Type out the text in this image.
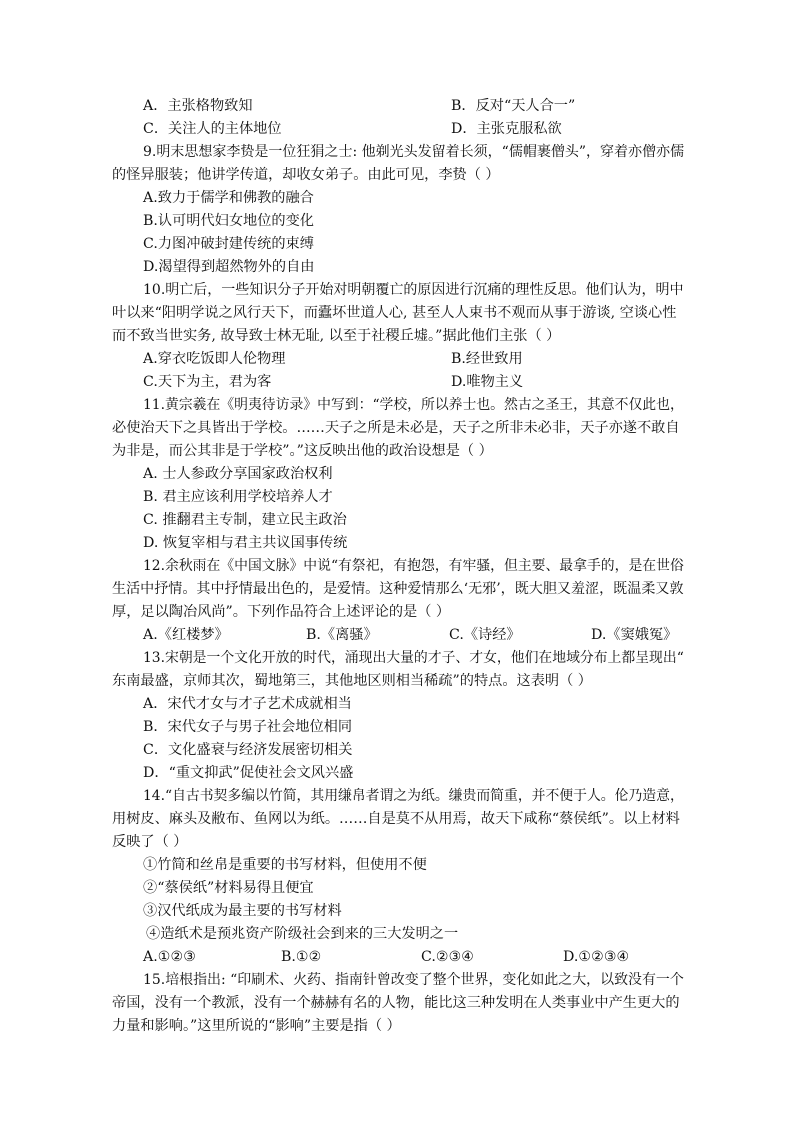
A．主张格物致知	B．反对“天人合一”
C．关注人的主体地位	D．主张克服私欲
9.明末思想家李贽是一位狂狷之士: 他剃光头发留着长须，“儒帽裹僧头”，穿着亦僧亦儒
的怪异服装；他讲学传道，却收女弟子。由此可见，李贽（ ）
A.致力于儒学和佛教的融合
B.认可明代妇女地位的变化
C.力图冲破封建传统的束缚
D.渴望得到超然物外的自由
10.明亡后，一些知识分子开始对明朝覆亡的原因进行沉痛的理性反思。他们认为，明中
叶以来“阳明学说之风行天下，而蠹坏世道人心, 甚至人人束书不观而从事于游谈, 空谈心性
而不致当世实务, 故导致士林无耻, 以至于社稷丘墟。”据此他们主张（ ）
A.穿衣吃饭即人伦物理	B.经世致用
C.天下为主，君为客	D.唯物主义
11.黄宗羲在《明夷待访录》中写到：“学校，所以养士也。然古之圣王，其意不仅此也，
必使治天下之具皆出于学校。……天子之所是未必是，天子之所非未必非，天子亦遂不敢自
为非是，而公其非是于学校”。”这反映出他的政治设想是（ ）
A. 士人参政分享国家政治权利
B. 君主应该利用学校培养人才
C. 推翻君主专制，建立民主政治
D. 恢复宰相与君主共议国事传统
12.余秋雨在《中国文脉》中说“有祭祀，有抱怨，有牢骚，但主要、最拿手的，是在世俗
生活中抒情。其中抒情最出色的，是爱情。这种爱情那么‘无邪’，既大胆又羞涩，既温柔又敦
厚，足以陶冶风尚”。下列作品符合上述评论的是（ ）
A.《红楼梦》	B.《离骚》	C.《诗经》	D.《窦娥冤》
13.宋朝是一个文化开放的时代，涌现出大量的才子、才女，他们在地域分布上都呈现出“
东南最盛，京师其次，蜀地第三，其他地区则相当稀疏”的特点。这表明（ ）
A．宋代才女与才子艺术成就相当
B．宋代女子与男子社会地位相同
C．文化盛衰与经济发展密切相关
D．“重文抑武”促使社会文风兴盛
14.“自古书契多编以竹简，其用缣帛者谓之为纸。缣贵而简重，并不便于人。伦乃造意，
用树皮、麻头及敝布、鱼网以为纸。……自是莫不从用焉，故天下咸称“蔡侯纸”。以上材料
反映了（ ）
①竹简和丝帛是重要的书写材料，但使用不便
②“蔡侯纸”材料易得且便宜
③汉代纸成为最主要的书写材料
④造纸术是预兆资产阶级社会到来的三大发明之一
A.①②③	B.①②	C.②③④	D.①②③④
15.培根指出: “印刷术、火药、指南针曾改变了整个世界，变化如此之大，以致没有一个
帝国，没有一个教派，没有一个赫赫有名的人物，能比这三种发明在人类事业中产生更大的
力量和影响。”这里所说的“影响”主要是指（ ）
